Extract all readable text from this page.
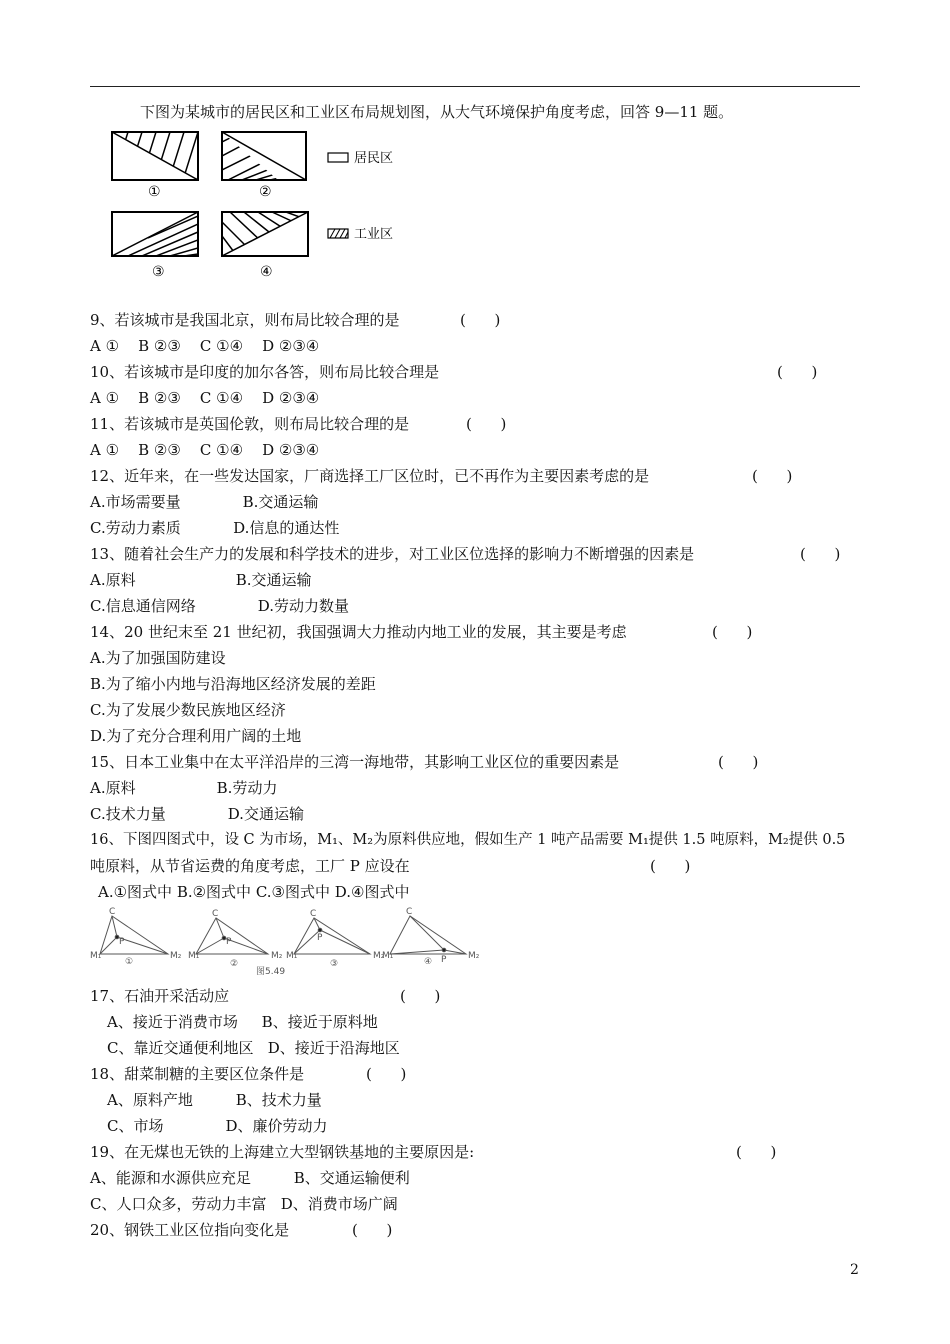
下图为某城市的居民区和工业区布局规划图，从大气环境保护角度考虑，回答 9—11 题。
①	②
③	④
居民区
工业区
9、若该城市是我国北京，则布局比较合理的是	(      )
A ①    B ②③    C ①④    D ②③④
10、若该城市是印度的加尔各答，则布局比较合理是	(      )
A ①    B ②③    C ①④    D ②③④
11、若该城市是英国伦敦，则布局比较合理的是	(      )
A ①    B ②③    C ①④    D ②③④
12、近年来，在一些发达国家，厂商选择工厂区位时，已不再作为主要因素考虑的是	(      )
A.市场需要量             B.交通运输
C.劳动力素质           D.信息的通达性
13、随着社会生产力的发展和科学技术的进步，对工业区位选择的影响力不断增强的因素是	(      )
A.原料                     B.交通运输
C.信息通信网络             D.劳动力数量
14、20 世纪末至 21 世纪初，我国强调大力推动内地工业的发展，其主要是考虑	(      )
A.为了加强国防建设
B.为了缩小内地与沿海地区经济发展的差距
C.为了发展少数民族地区经济
D.为了充分合理利用广阔的土地
15、日本工业集中在太平洋沿岸的三湾一海地带，其影响工业区位的重要因素是	(      )
A.原料                 B.劳动力
C.技术力量             D.交通运输
16、下图四图式中，设 C 为市场，M₁、M₂为原料供应地，假如生产 1 吨产品需要 M₁提供 1.5 吨原料，M₂提供 0.5
吨原料，从节省运费的角度考虑，工厂 P 应设在	(      )
A.①图式中 B.②图式中 C.③图式中 D.④图式中
C
P
M₁	M₂
①
C
P
M₁	M₂
②
C
P
M₁	M₂
③
C
P
M₁	M₂
④
图5.49
17、石油开采活动应	(      )
A、接近于消费市场     B、接近于原料地
C、靠近交通便利地区   D、接近于沿海地区
18、甜菜制糖的主要区位条件是	(      )
A、原料产地         B、技术力量
C、市场             D、廉价劳动力
19、在无煤也无铁的上海建立大型钢铁基地的主要原因是:	(      )
A、能源和水源供应充足         B、交通运输便利
C、人口众多，劳动力丰富   D、消费市场广阔
20、钢铁工业区位指向变化是	(      )
2
